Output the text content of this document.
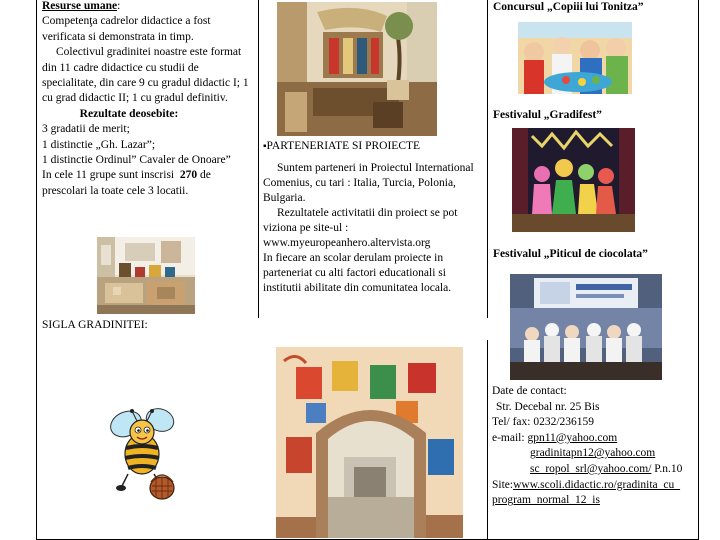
Resurse umane:
Competenţa cadrelor didactice a fost verificata si demonstrata in timp.
Colectivul gradinitei noastre este format din 11 cadre didactice cu studii de specialitate, din care 9 cu gradul didactic I; 1 cu grad didactic II; 1 cu gradul definitiv.
Rezultate deosebite:
3 gradatii de merit;
1 distinctie „Gh. Lazar”;
1 distinctie Ordinul” Cavaler de Onoare”
In cele 11 grupe sunt inscrisi 270 de prescolari la toate cele 3 locatii.
SIGLA GRADINITEI:
▪PARTENERIATE SI PROIECTE
Suntem parteneri in Proiectul International Comenius, cu tari : Italia, Turcia, Polonia, Bulgaria.
Rezultatele activitatii din proiect se pot viziona pe site-ul : www.myeuropeanhero.altervista.org
In fiecare an scolar derulam proiecte in parteneriat cu alti factori educationali si institutii abilitate din comunitatea locala.
Concursul „Copiii lui Tonitza”
Festivalul „Gradifest”
Festivalul „Piticul de ciocolata”
Date de contact:
Str. Decebal nr. 25 Bis
Tel/ fax: 0232/236159
e-mail: gpn11@yahoo.com
gradinitapn12@yahoo.com
sc_ropol_srl@yahoo.com/ P.n.10
Site:www.scoli.didactic.ro/gradinita_cu_
program_normal_12_is
